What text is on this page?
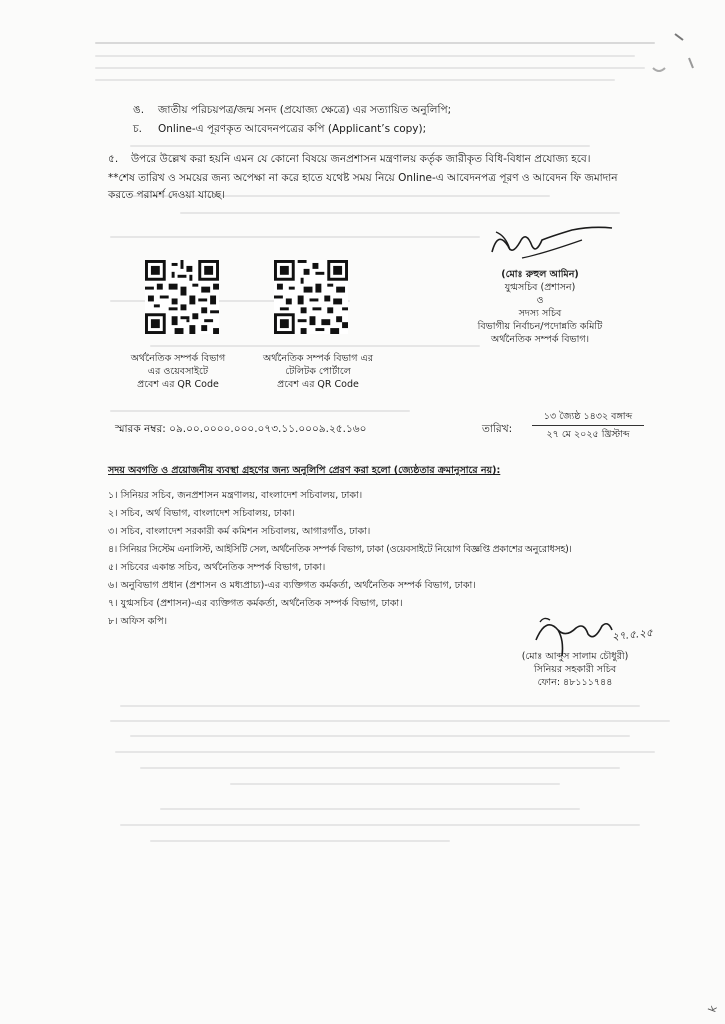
ঙ. জাতীয় পরিচয়পত্র/জন্ম সনদ (প্রযোজ্য ক্ষেত্রে) এর সত্যায়িত অনুলিপি;
চ. Online-এ পূরণকৃত আবেদনপত্রের কপি (Applicant’s copy);
৫. উপরে উল্লেখ করা হয়নি এমন যে কোনো বিষয়ে জনপ্রশাসন মন্ত্রণালয় কর্তৃক জারীকৃত বিধি-বিধান প্রযোজ্য হবে।
**শেষ তারিখ ও সময়ের জন্য অপেক্ষা না করে হাতে যথেষ্ট সময় নিয়ে Online-এ আবেদনপত্র পূরণ ও আবেদন ফি জমাদান
করতে পরামর্শ দেওয়া যাচ্ছে।
অর্থনৈতিক সম্পর্ক বিভাগ
এর ওয়েবসাইটে
প্রবেশ এর QR Code
অর্থনৈতিক সম্পর্ক বিভাগ এর
টেলিটক পোর্টালে
প্রবেশ এর QR Code
(মোঃ রুহুল আমিন)
যুগ্মসচিব (প্রশাসন)
ও
সদস্য সচিব
বিভাগীয় নির্বাচন/পদোন্নতি কমিটি
অর্থনৈতিক সম্পর্ক বিভাগ।
স্মারক নম্বর: ০৯.০০.০০০০.০০০.০৭৩.১১.০০০৯.২৫.১৬০	তারিখ:
১৩ জ্যৈষ্ঠ ১৪৩২ বঙ্গাব্দ
২৭ মে ২০২৫ খ্রিস্টাব্দ
সদয় অবগতি ও প্রয়োজনীয় ব্যবস্থা গ্রহণের জন্য অনুলিপি প্রেরণ করা হলো (জ্যেষ্ঠতার ক্রমানুসারে নয়):
১। সিনিয়র সচিব, জনপ্রশাসন মন্ত্রণালয়, বাংলাদেশ সচিবালয়, ঢাকা।
২। সচিব, অর্থ বিভাগ, বাংলাদেশ সচিবালয়, ঢাকা।
৩। সচিব, বাংলাদেশ সরকারী কর্ম কমিশন সচিবালয়, আগারগাঁও, ঢাকা।
৪। সিনিয়র সিস্টেম এনালিস্ট, আইসিটি সেল, অর্থনৈতিক সম্পর্ক বিভাগ, ঢাকা (ওয়েবসাইটে নিয়োগ বিজ্ঞপ্তি প্রকাশের অনুরোধসহ)।
৫। সচিবের একান্ত সচিব, অর্থনৈতিক সম্পর্ক বিভাগ, ঢাকা।
৬। অনুবিভাগ প্রধান (প্রশাসন ও মধ্যপ্রাচ্য)-এর ব্যক্তিগত কর্মকর্তা, অর্থনৈতিক সম্পর্ক বিভাগ, ঢাকা।
৭। যুগ্মসচিব (প্রশাসন)-এর ব্যক্তিগত কর্মকর্তা, অর্থনৈতিক সম্পর্ক বিভাগ, ঢাকা।
৮। অফিস কপি।
২৭.৫.২৫
(মোঃ আব্দুস সালাম চৌধুরী)
সিনিয়র সহকারী সচিব
ফোন: ৪৮১১১৭৪৪
k
